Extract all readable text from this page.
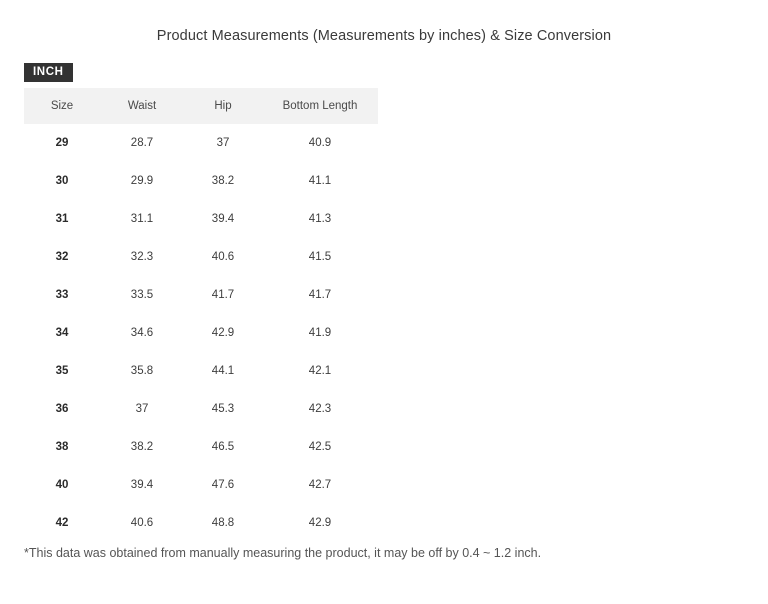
Product Measurements (Measurements by inches) & Size Conversion
INCH
Size	Waist	Hip	Bottom Length
29	28.7	37	40.9
30	29.9	38.2	41.1
31	31.1	39.4	41.3
32	32.3	40.6	41.5
33	33.5	41.7	41.7
34	34.6	42.9	41.9
35	35.8	44.1	42.1
36	37	45.3	42.3
38	38.2	46.5	42.5
40	39.4	47.6	42.7
42	40.6	48.8	42.9
*This data was obtained from manually measuring the product, it may be off by 0.4 ~ 1.2 inch.
